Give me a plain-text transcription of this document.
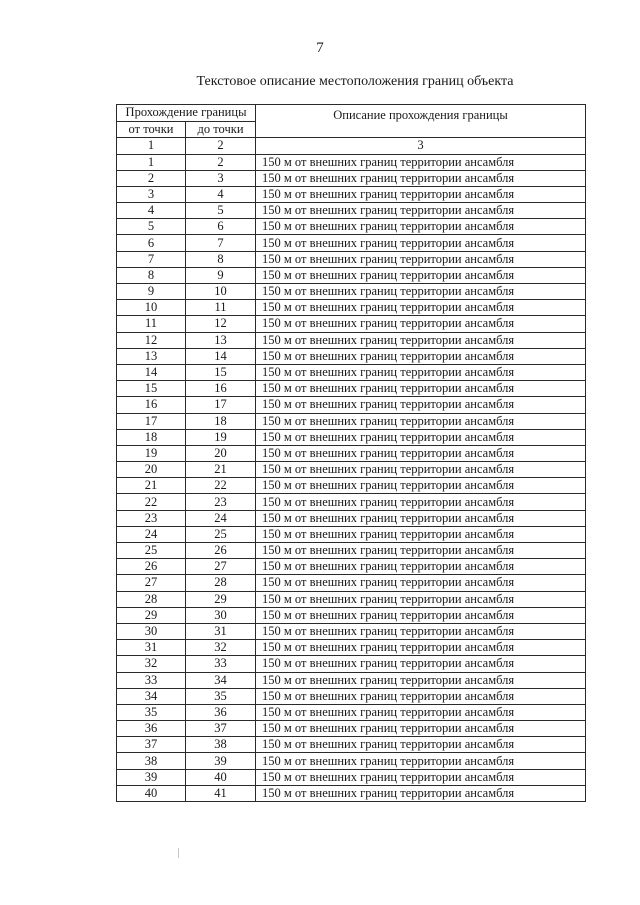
7
Текстовое описание местоположения границ объекта
Прохождение границы		Описание прохождения границы
от точки	до точки	
1	2	3
1	2	150 м от внешних границ территории ансамбля
2	3	150 м от внешних границ территории ансамбля
3	4	150 м от внешних границ территории ансамбля
4	5	150 м от внешних границ территории ансамбля
5	6	150 м от внешних границ территории ансамбля
6	7	150 м от внешних границ территории ансамбля
7	8	150 м от внешних границ территории ансамбля
8	9	150 м от внешних границ территории ансамбля
9	10	150 м от внешних границ территории ансамбля
10	11	150 м от внешних границ территории ансамбля
11	12	150 м от внешних границ территории ансамбля
12	13	150 м от внешних границ территории ансамбля
13	14	150 м от внешних границ территории ансамбля
14	15	150 м от внешних границ территории ансамбля
15	16	150 м от внешних границ территории ансамбля
16	17	150 м от внешних границ территории ансамбля
17	18	150 м от внешних границ территории ансамбля
18	19	150 м от внешних границ территории ансамбля
19	20	150 м от внешних границ территории ансамбля
20	21	150 м от внешних границ территории ансамбля
21	22	150 м от внешних границ территории ансамбля
22	23	150 м от внешних границ территории ансамбля
23	24	150 м от внешних границ территории ансамбля
24	25	150 м от внешних границ территории ансамбля
25	26	150 м от внешних границ территории ансамбля
26	27	150 м от внешних границ территории ансамбля
27	28	150 м от внешних границ территории ансамбля
28	29	150 м от внешних границ территории ансамбля
29	30	150 м от внешних границ территории ансамбля
30	31	150 м от внешних границ территории ансамбля
31	32	150 м от внешних границ территории ансамбля
32	33	150 м от внешних границ территории ансамбля
33	34	150 м от внешних границ территории ансамбля
34	35	150 м от внешних границ территории ансамбля
35	36	150 м от внешних границ территории ансамбля
36	37	150 м от внешних границ территории ансамбля
37	38	150 м от внешних границ территории ансамбля
38	39	150 м от внешних границ территории ансамбля
39	40	150 м от внешних границ территории ансамбля
40	41	150 м от внешних границ территории ансамбля
